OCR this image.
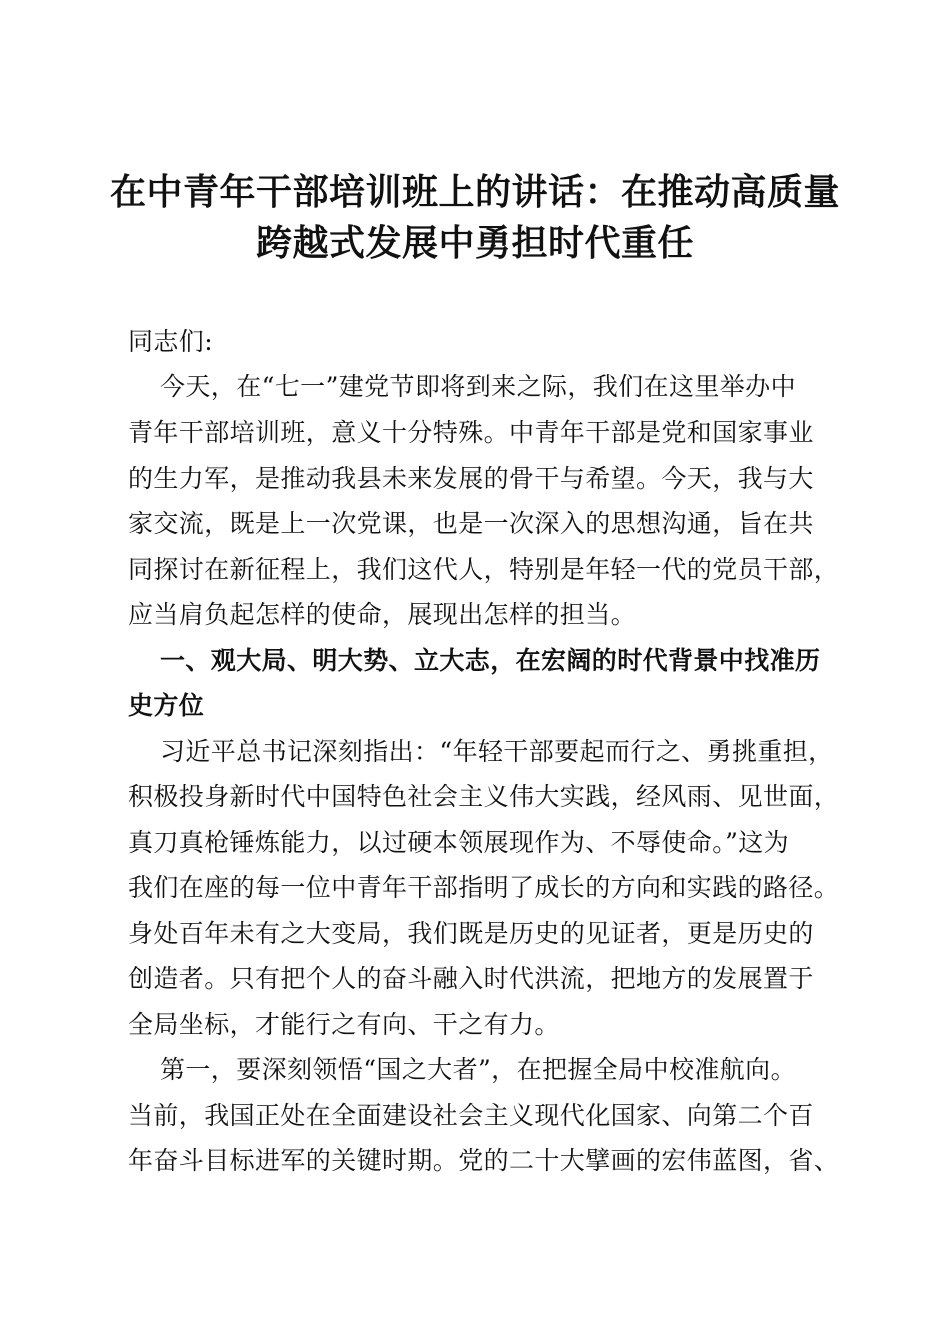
在中青年干部培训班上的讲话：在推动高质量
跨越式发展中勇担时代重任
同志们:
今天，在“七一”建党节即将到来之际，我们在这里举办中
青年干部培训班，意义十分特殊。中青年干部是党和国家事业
的生力军，是推动我县未来发展的骨干与希望。今天，我与大
家交流，既是上一次党课，也是一次深入的思想沟通，旨在共
同探讨在新征程上，我们这代人，特别是年轻一代的党员干部，
应当肩负起怎样的使命，展现出怎样的担当。
一、观大局、明大势、立大志，在宏阔的时代背景中找准历
史方位
习近平总书记深刻指出：“年轻干部要起而行之、勇挑重担，
积极投身新时代中国特色社会主义伟大实践，经风雨、见世面，
真刀真枪锤炼能力，以过硬本领展现作为、不辱使命。”这为
我们在座的每一位中青年干部指明了成长的方向和实践的路径。
身处百年未有之大变局，我们既是历史的见证者，更是历史的
创造者。只有把个人的奋斗融入时代洪流，把地方的发展置于
全局坐标，才能行之有向、干之有力。
第一，要深刻领悟“国之大者”，在把握全局中校准航向。
当前，我国正处在全面建设社会主义现代化国家、向第二个百
年奋斗目标进军的关键时期。党的二十大擘画的宏伟蓝图，省、
